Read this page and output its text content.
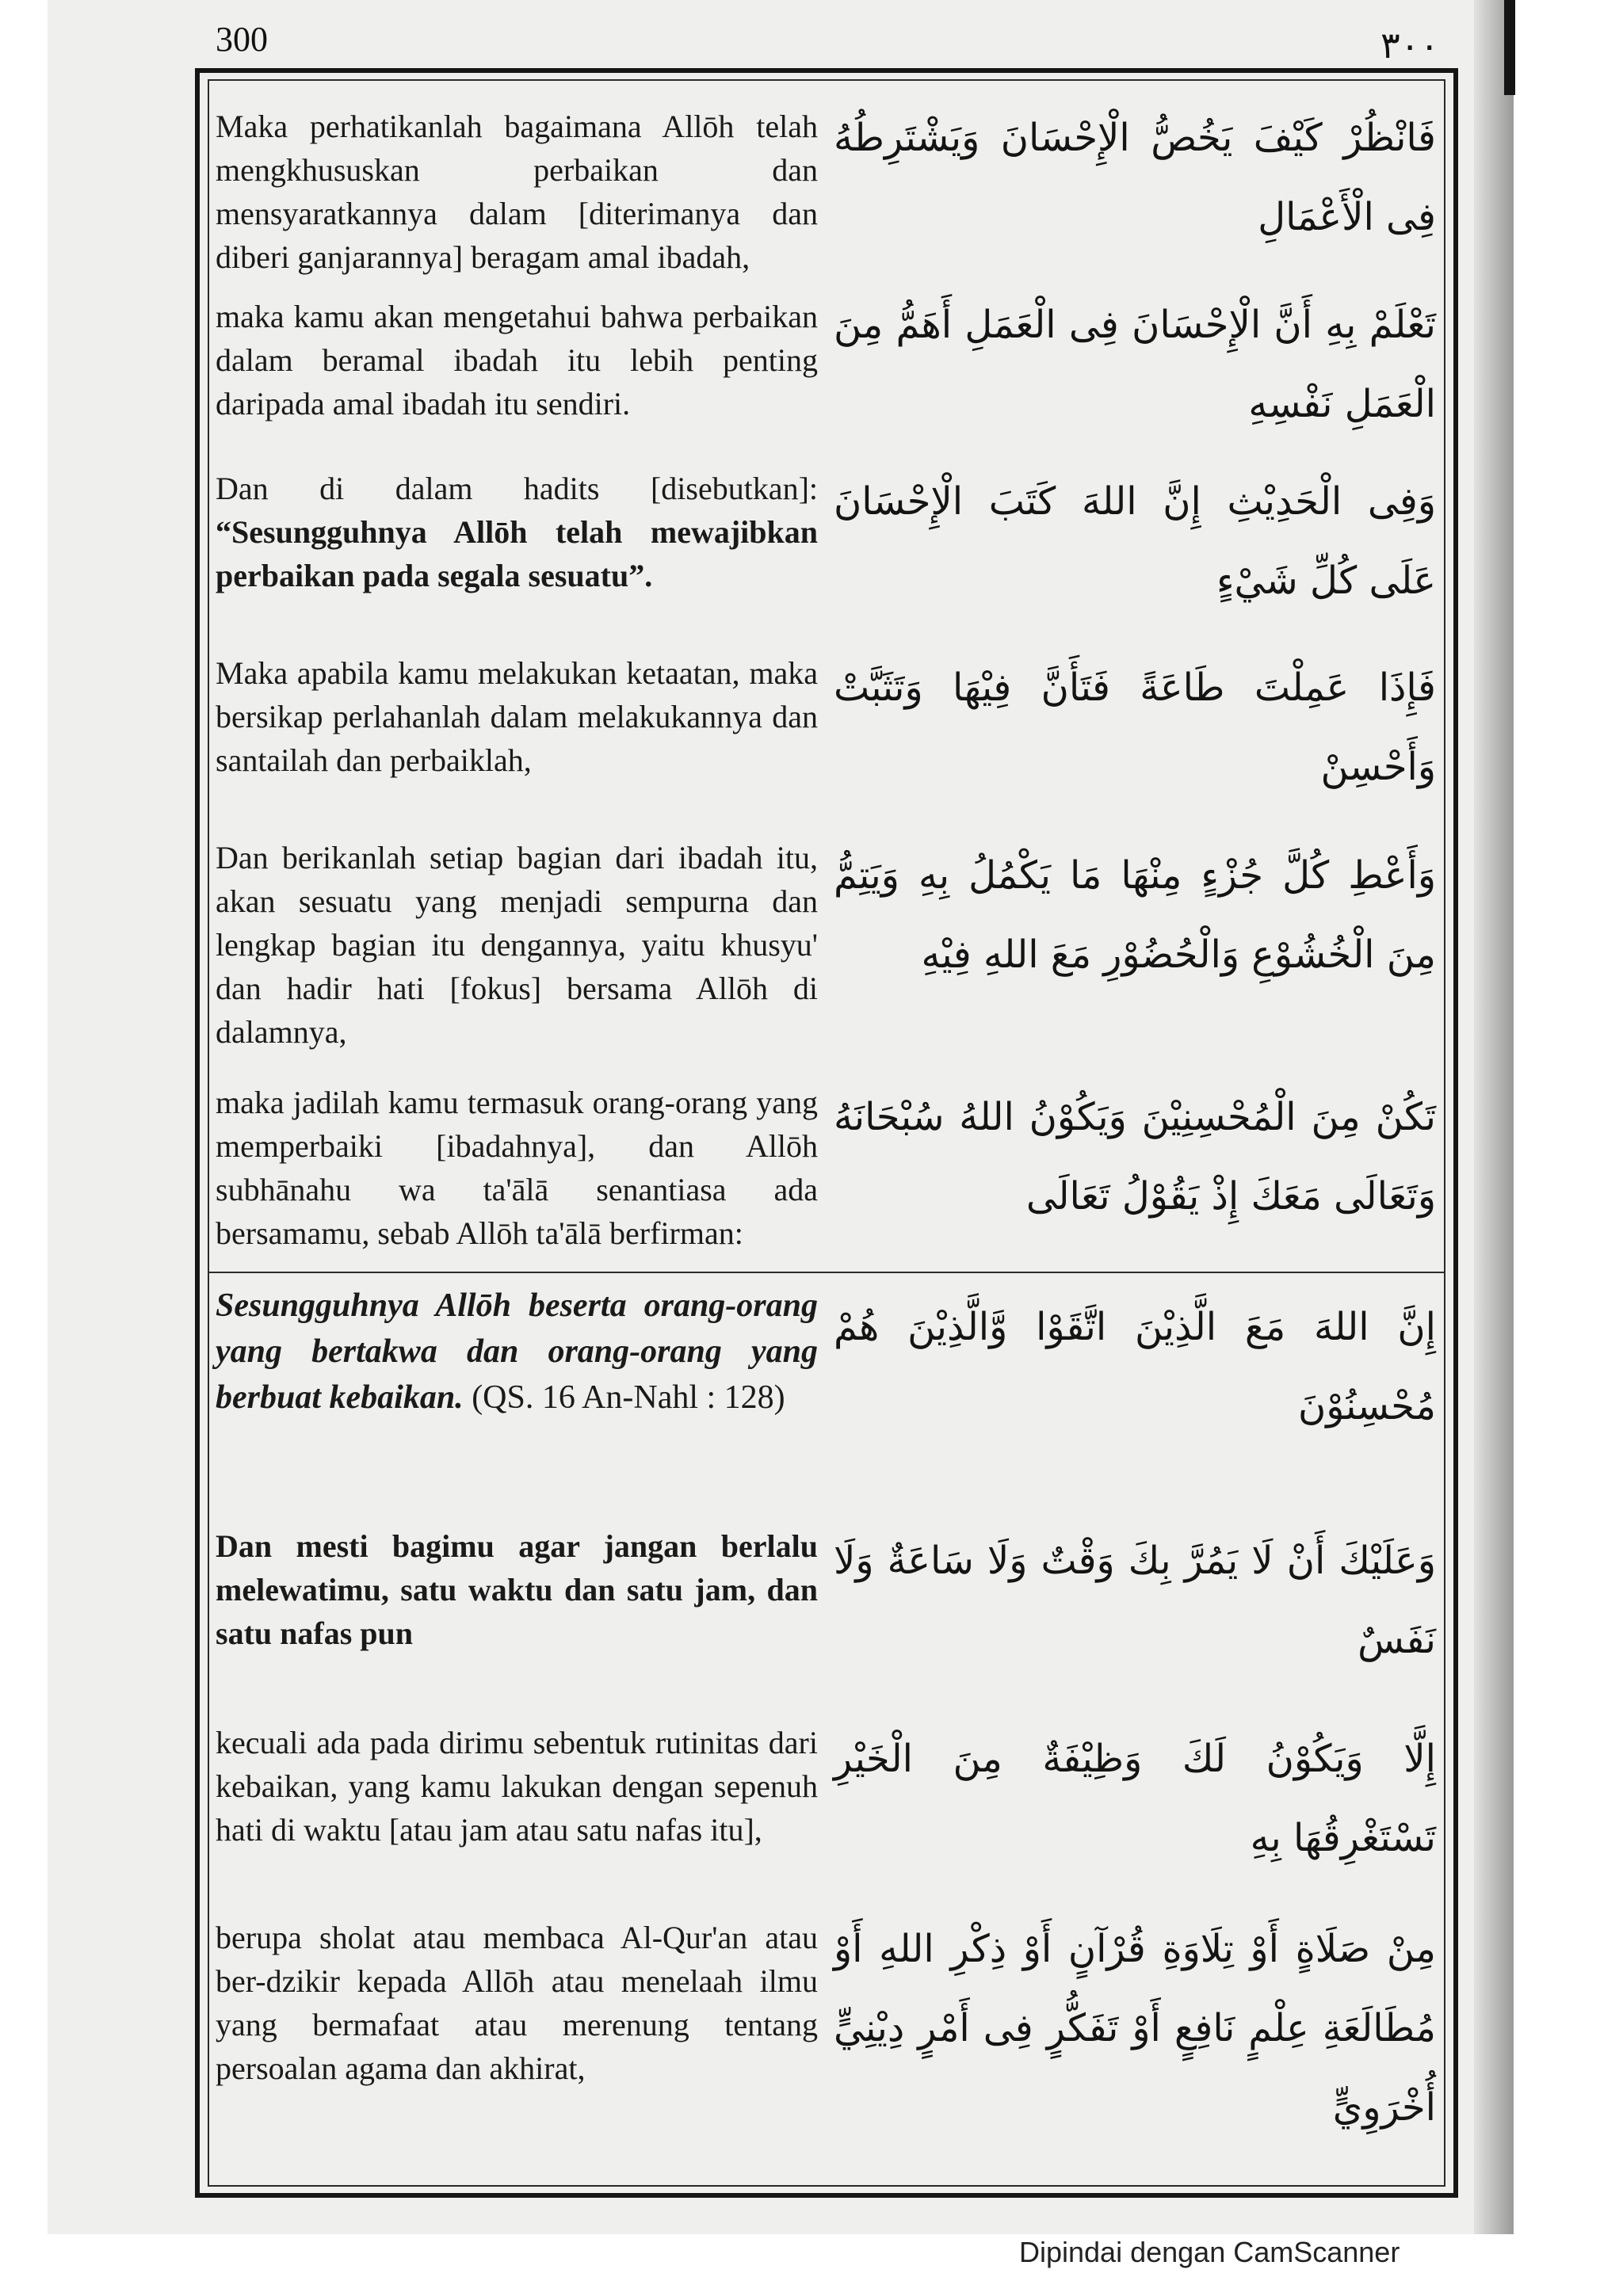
300	٣٠٠
Maka perhatikanlah bagaimana Allōh telah mengkhususkan perbaikan dan mensyaratkannya dalam [diterimanya dan diberi ganjarannya] beragam amal ibadah,
فَانْظُرْ كَيْفَ يَخُصُّ الْإِحْسَانَ وَيَشْتَرِطُهُ فِى الْأَعْمَالِ
maka kamu akan mengetahui bahwa perbaikan dalam beramal ibadah itu lebih penting daripada amal ibadah itu sendiri.
تَعْلَمْ بِهِ أَنَّ الْإِحْسَانَ فِى الْعَمَلِ أَهَمُّ مِنَ الْعَمَلِ نَفْسِهِ
Dan di dalam hadits [disebutkan]: “Sesungguhnya Allōh telah mewajibkan perbaikan pada segala sesuatu”.
وَفِى الْحَدِيْثِ إِنَّ اللهَ كَتَبَ الْإِحْسَانَ عَلَى كُلِّ شَيْءٍ
Maka apabila kamu melakukan ketaatan, maka bersikap perlahanlah dalam melakukannya dan santailah dan perbaiklah,
فَإِذَا عَمِلْتَ طَاعَةً فَتَأَنَّ فِيْهَا وَتَثَبَّتْ وَأَحْسِنْ
Dan berikanlah setiap bagian dari ibadah itu, akan sesuatu yang menjadi sempurna dan lengkap bagian itu dengannya, yaitu khusyu' dan hadir hati [fokus] bersama Allōh di dalamnya,
وَأَعْطِ كُلَّ جُزْءٍ مِنْهَا مَا يَكْمُلُ بِهِ وَيَتِمُّ مِنَ الْخُشُوْعِ وَالْحُضُوْرِ مَعَ اللهِ فِيْهِ
maka jadilah kamu termasuk orang-orang yang memperbaiki [ibadahnya], dan Allōh subhānahu wa ta'ālā senantiasa ada bersamamu, sebab Allōh ta'ālā berfirman:
تَكُنْ مِنَ الْمُحْسِنِيْنَ وَيَكُوْنُ اللهُ سُبْحَانَهُ وَتَعَالَى مَعَكَ إِذْ يَقُوْلُ تَعَالَى
Sesungguhnya Allōh beserta orang-orang yang bertakwa dan orang-orang yang berbuat kebaikan. (QS. 16 An-Nahl : 128)
إِنَّ اللهَ مَعَ الَّذِيْنَ اتَّقَوْا وَّالَّذِيْنَ هُمْ مُحْسِنُوْنَ
Dan mesti bagimu agar jangan berlalu melewatimu, satu waktu dan satu jam, dan satu nafas pun
وَعَلَيْكَ أَنْ لَا يَمُرَّ بِكَ وَقْتٌ وَلَا سَاعَةٌ وَلَا نَفَسٌ
kecuali ada pada dirimu sebentuk rutinitas dari kebaikan, yang kamu lakukan dengan sepenuh hati di waktu [atau jam atau satu nafas itu],
إِلَّا وَيَكُوْنُ لَكَ وَظِيْفَةٌ مِنَ الْخَيْرِ تَسْتَغْرِقُهَا بِهِ
berupa sholat atau membaca Al-Qur'an atau ber-dzikir kepada Allōh atau menelaah ilmu yang bermafaat atau merenung tentang persoalan agama dan akhirat,
مِنْ صَلَاةٍ أَوْ تِلَاوَةِ قُرْآنٍ أَوْ ذِكْرِ اللهِ أَوْ مُطَالَعَةِ عِلْمٍ نَافِعٍ أَوْ تَفَكُّرٍ فِى أَمْرٍ دِيْنِيٍّ أُخْرَوِيٍّ
Dipindai dengan CamScanner
